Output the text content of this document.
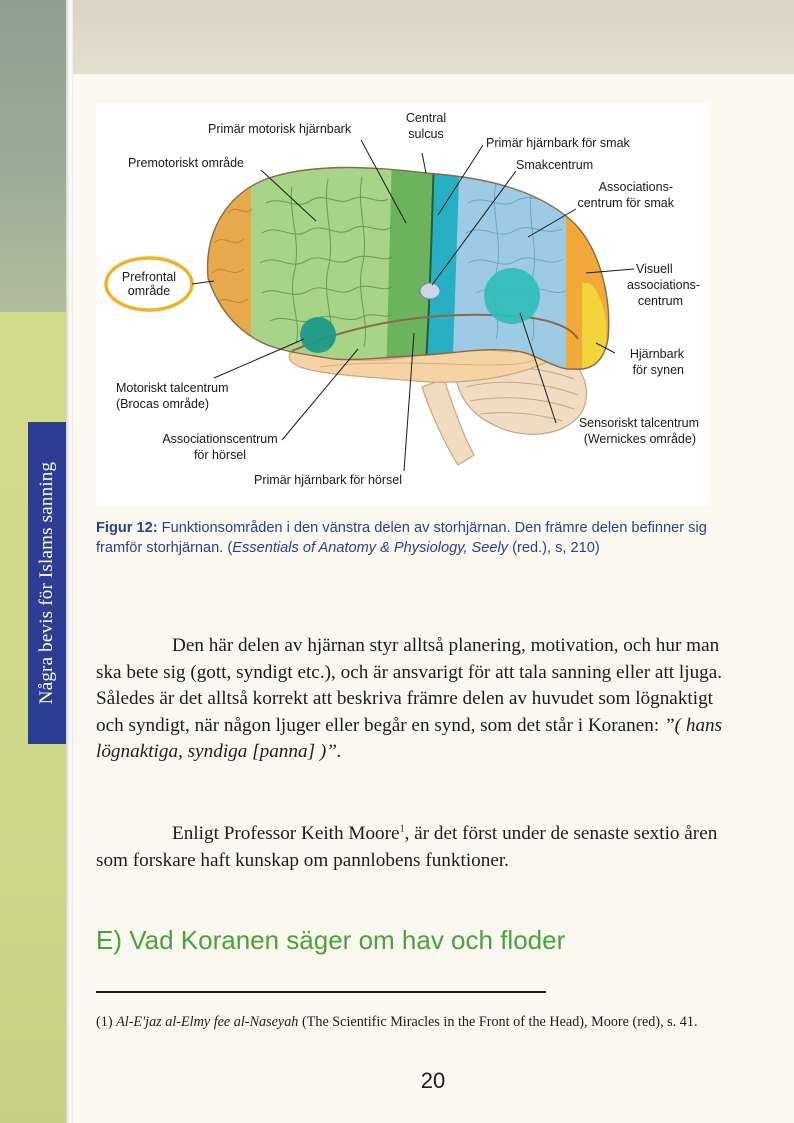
Några bevis för Islams sanning
Central
sulcus
Primär motorisk hjärnbark
Premotoriskt område
Primär hjärnbark för smak
Smakcentrum
Associations-
centrum för smak
Prefrontal
område
Visuell
associations-
centrum
Hjärnbark
för synen
Motoriskt talcentrum
(Brocas område)
Sensoriskt talcentrum
(Wernickes område)
Associationscentrum
för hörsel
Primär hjärnbark för hörsel
Figur 12: Funktionsområden i den vänstra delen av storhjärnan. Den främre delen befinner sig framför storhjärnan. (Essentials of Anatomy & Physiology, Seely (red.), s, 210)

Den här delen av hjärnan styr alltså planering, motivation, och hur man ska bete sig (gott, syndigt etc.), och är ansvarigt för att tala sanning eller att ljuga. Således är det alltså korrekt att beskriva främre delen av huvudet som lögnaktigt och syndigt, när någon ljuger eller begår en synd, som det står i Koranen: ”( hans lögnaktiga, syndiga [panna] )”.

Enligt Professor Keith Moore$^1$, är det först under de senaste sextio åren som forskare haft kunskap om pannlobens funktioner.

E) Vad Koranen säger om hav och floder
(1) Al-E'jaz al-Elmy fee al-Naseyah (The Scientific Miracles in the Front of the Head), Moore (red), s. 41.
20
